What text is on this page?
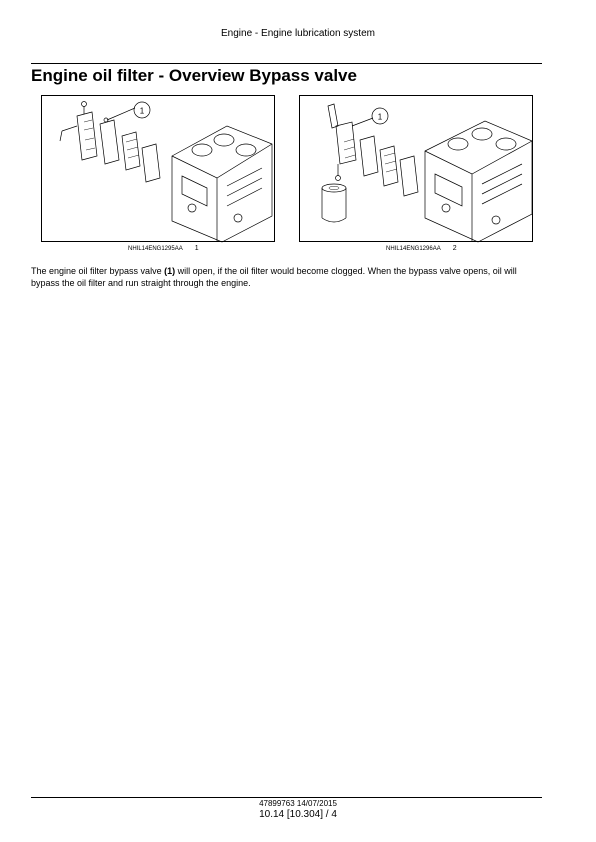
Engine - Engine lubrication system
Engine oil filter - Overview Bypass valve
1
NHIL14ENG1295AA 1
1
NHIL14ENG1296AA 2

The engine oil filter bypass valve (1) will open, if the oil filter would become clogged. When the bypass valve opens, oil will bypass the oil filter and run straight through the engine.

47899763 14/07/2015
10.14 [10.304] / 4
